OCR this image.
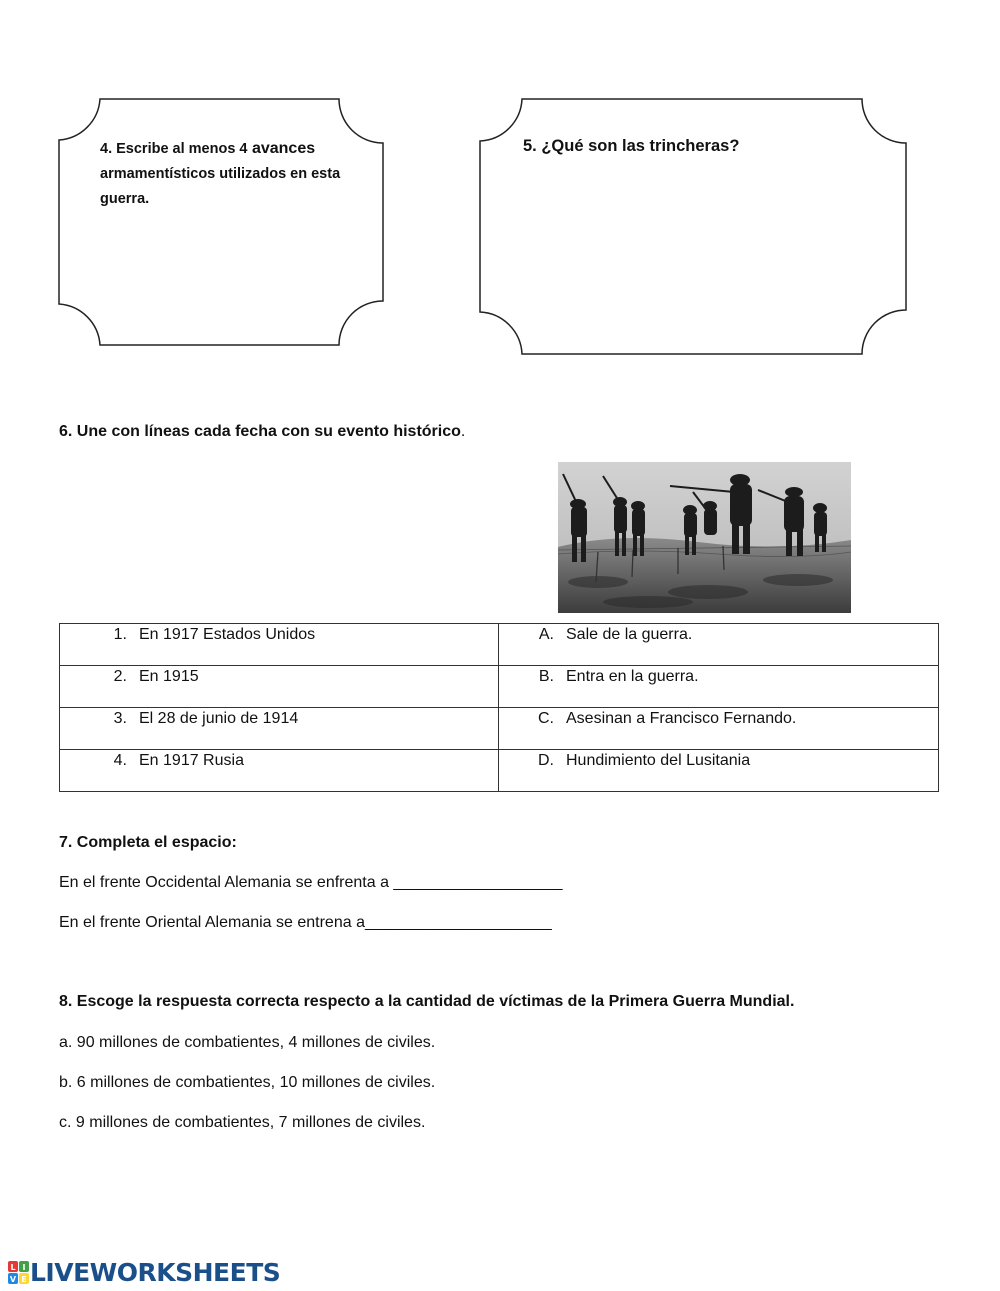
4. Escribe al menos 4 avances
armamentísticos utilizados en esta
guerra.
5. ¿Qué son las trincheras?
6. Une con líneas cada fecha con su evento histórico.
1. En 1917 Estados Unidos	A. Sale de la guerra.

2. En 1915	B. Entra en la guerra.

3. El 28 de junio de 1914	C. Asesinan a Francisco Fernando.

4. En 1917 Rusia	D. Hundimiento del Lusitania
7. Completa el espacio:
En el frente Occidental Alemania se enfrenta a ___________________
En el frente Oriental Alemania se entrena a_____________________
8. Escoge la respuesta correcta respecto a la cantidad de víctimas de la Primera Guerra Mundial.
a. 90 millones de combatientes, 4 millones de civiles.
b. 6 millones de combatientes, 10 millones de civiles.
c. 9 millones de combatientes, 7 millones de civiles.
L I
V E LIVEWORKSHEETS
